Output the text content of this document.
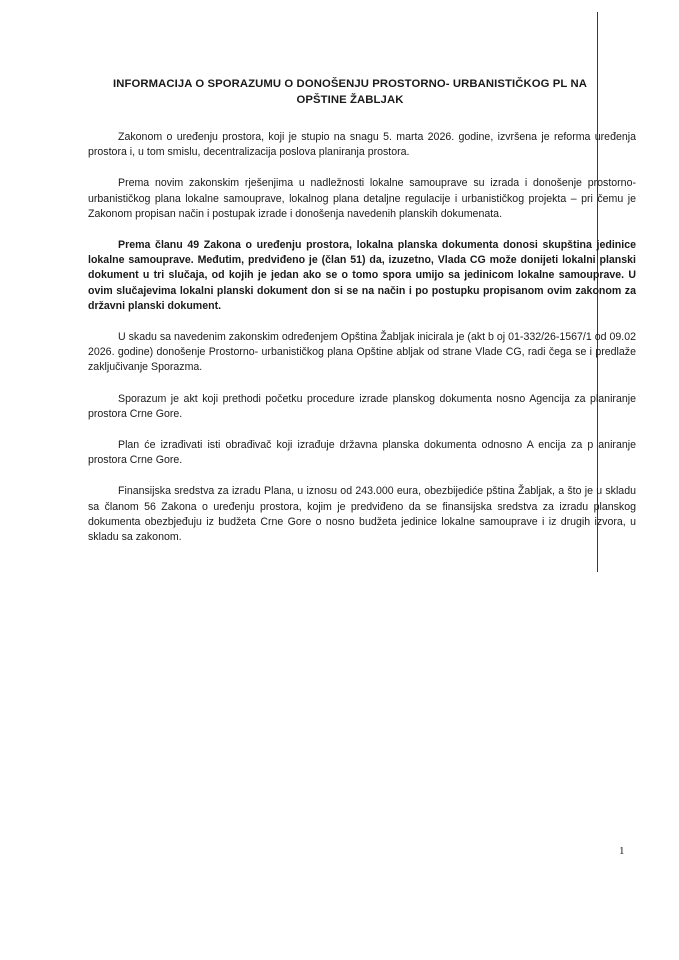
INFORMACIJA O SPORAZUMU O DONOŠENJU PROSTORNO- URBANISTIČKOG PL NA
OPŠTINE ŽABLJAK

Zakonom o uređenju prostora, koji je stupio na snagu 5. marta 2026. godine, izvršena je reforma uređenja prostora i, u tom smislu, decentralizacija poslova planiranja prostora.

Prema novim zakonskim rješenjima u nadležnosti lokalne samouprave su izrada i donošenje prostorno- urbanističkog plana lokalne samouprave, lokalnog plana detaljne regulacije i urbanističkog projekta – pri čemu je Zakonom propisan način i postupak izrade i donošenja navedenih planskih dokumenata.

Prema članu 49 Zakona o uređenju prostora, lokalna planska dokumenta donosi skupština jedinice lokalne samouprave. Međutim, predviđeno je (član 51) da, izuzetno, Vlada CG može donijeti lokalni planski dokument u tri slučaja, od kojih je jedan ako se o tomo spora umijo sa jedinicom lokalne samouprave. U ovim slučajevima lokalni planski dokument don si se na način i po postupku propisanom ovim zakonom za državni planski dokument.

U skadu sa navedenim zakonskim određenjem Opština Žabljak inicirala je (akt b oj 01-332/26-1567/1 od 09.02 2026. godine) donošenje Prostorno- urbanističkog plana Opštine abljak od strane Vlade CG, radi čega se i predlaže zaključivanje Sporazma.

Sporazum je akt koji prethodi početku procedure izrade planskog dokumenta nosno Agencija za planiranje prostora Crne Gore.

Plan će izrađivati isti obrađivač koji izrađuje državna planska dokumenta odnosno A encija za p aniranje prostora Crne Gore.

Finansijska sredstva za izradu Plana, u iznosu od 243.000 eura, obezbijediće pština Žabljak, a što je u skladu sa članom 56 Zakona o uređenju prostora, kojim je predviđeno da se finansijska sredstva za izradu planskog dokumenta obezbjeđuju iz budžeta Crne Gore o nosno budžeta jedinice lokalne samouprave i iz drugih izvora, u skladu sa zakonom.

1
